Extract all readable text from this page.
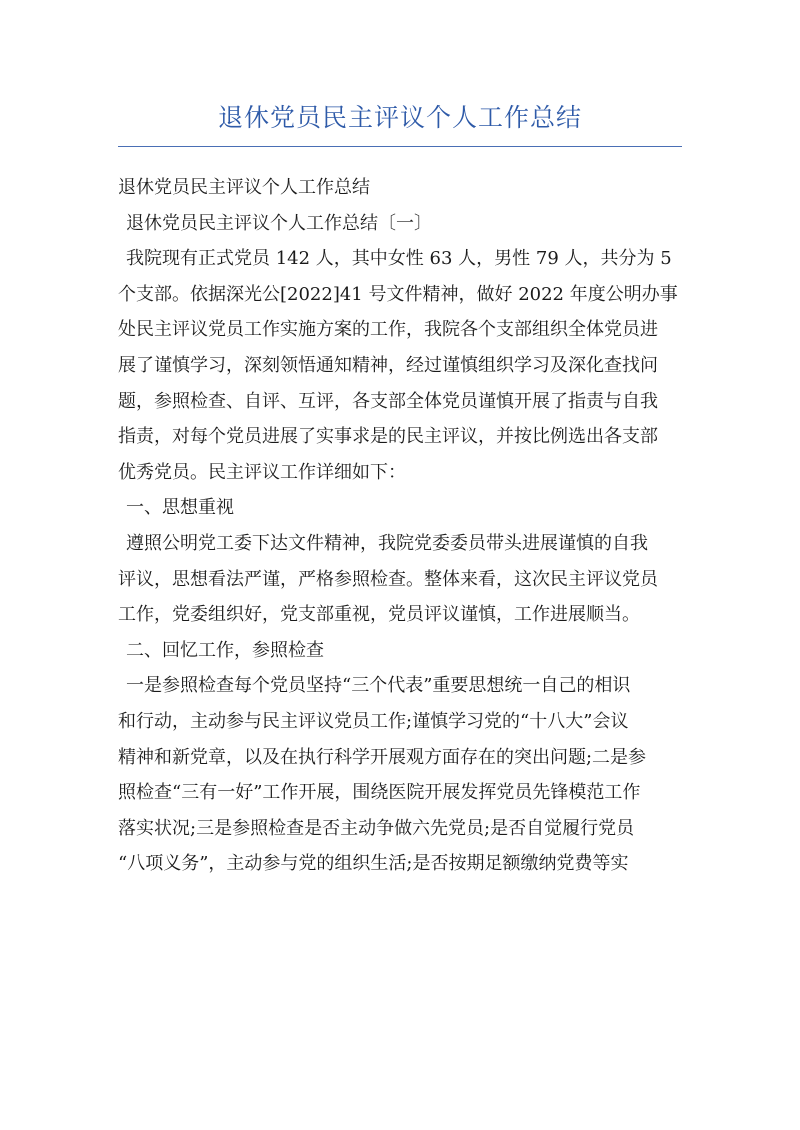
退休党员民主评议个人工作总结
退休党员民主评议个人工作总结
退休党员民主评议个人工作总结〔一〕
我院现有正式党员 142 人，其中女性 63 人，男性 79 人，共分为 5
个支部。依据深光公[2022]41 号文件精神，做好 2022 年度公明办事
处民主评议党员工作实施方案的工作，我院各个支部组织全体党员进
展了谨慎学习，深刻领悟通知精神，经过谨慎组织学习及深化查找问
题，参照检查、自评、互评，各支部全体党员谨慎开展了指责与自我
指责，对每个党员进展了实事求是的民主评议，并按比例选出各支部
优秀党员。民主评议工作详细如下：
一、思想重视
遵照公明党工委下达文件精神，我院党委委员带头进展谨慎的自我
评议，思想看法严谨，严格参照检查。整体来看，这次民主评议党员
工作，党委组织好，党支部重视，党员评议谨慎，工作进展顺当。
二、回忆工作，参照检查
一是参照检查每个党员坚持“三个代表”重要思想统一自己的相识
和行动，主动参与民主评议党员工作;谨慎学习党的“十八大”会议
精神和新党章，以及在执行科学开展观方面存在的突出问题;二是参
照检查“三有一好”工作开展，围绕医院开展发挥党员先锋模范工作
落实状况;三是参照检查是否主动争做六先党员;是否自觉履行党员
“八项义务”，主动参与党的组织生活;是否按期足额缴纳党费等实
